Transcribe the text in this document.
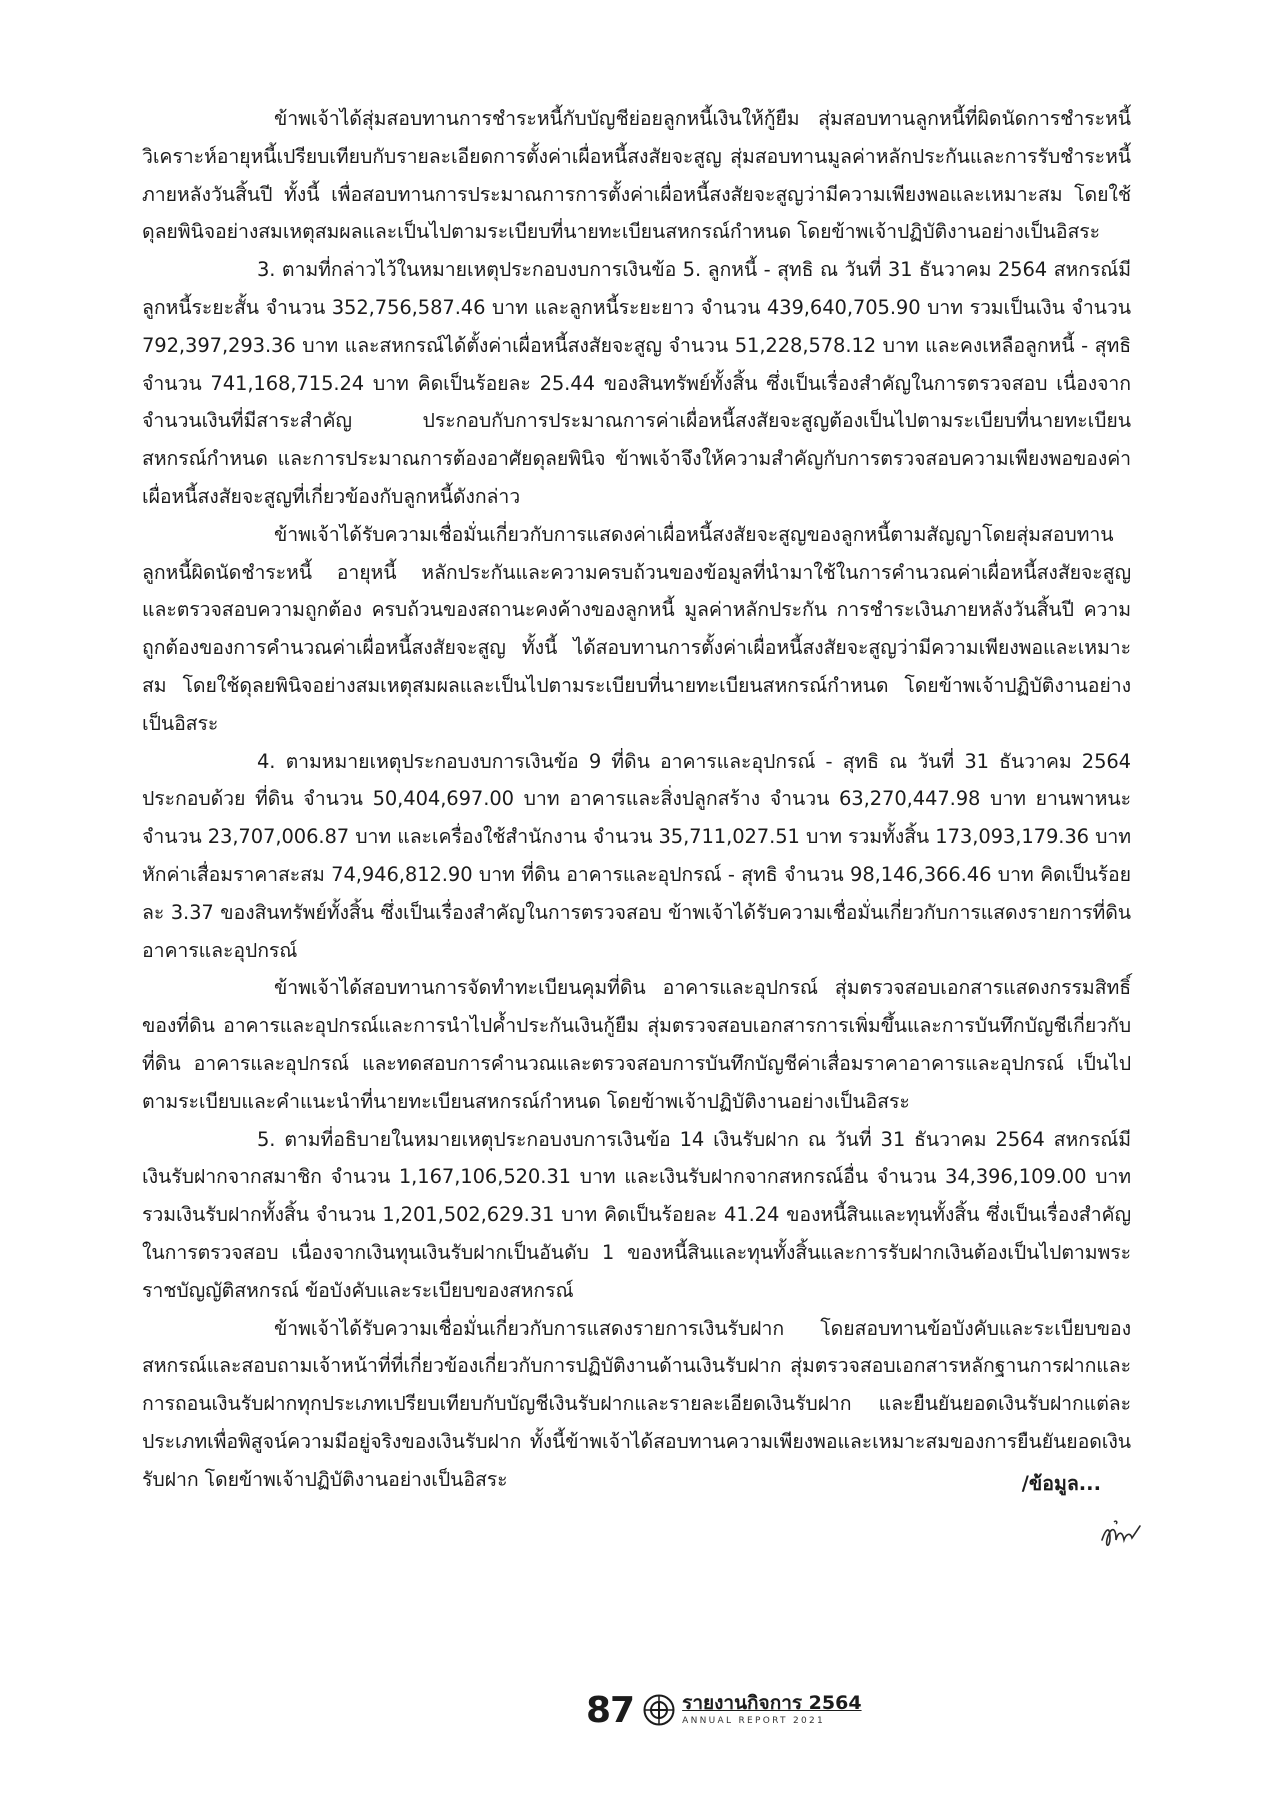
ข้าพเจ้าได้สุ่มสอบทานการชำระหนี้กับบัญชีย่อยลูกหนี้เงินให้กู้ยืม สุ่มสอบทานลูกหนี้ที่ผิดนัดการชำระหนี้ วิเคราะห์อายุหนี้เปรียบเทียบกับรายละเอียดการตั้งค่าเผื่อหนี้สงสัยจะสูญ สุ่มสอบทานมูลค่าหลักประกันและการรับชำระหนี้ภายหลังวันสิ้นปี ทั้งนี้ เพื่อสอบทานการประมาณการการตั้งค่าเผื่อหนี้สงสัยจะสูญว่ามีความเพียงพอและเหมาะสม โดยใช้ดุลยพินิจอย่างสมเหตุสมผลและเป็นไปตามระเบียบที่นายทะเบียนสหกรณ์กำหนด โดยข้าพเจ้าปฏิบัติงานอย่างเป็นอิสระ

3. ตามที่กล่าวไว้ในหมายเหตุประกอบงบการเงินข้อ 5. ลูกหนี้ - สุทธิ ณ วันที่ 31 ธันวาคม 2564 สหกรณ์มีลูกหนี้ระยะสั้น จำนวน 352,756,587.46 บาท และลูกหนี้ระยะยาว จำนวน 439,640,705.90 บาท รวมเป็นเงิน จำนวน 792,397,293.36 บาท และสหกรณ์ได้ตั้งค่าเผื่อหนี้สงสัยจะสูญ จำนวน 51,228,578.12 บาท และคงเหลือลูกหนี้ - สุทธิ จำนวน 741,168,715.24 บาท คิดเป็นร้อยละ 25.44 ของสินทรัพย์ทั้งสิ้น ซึ่งเป็นเรื่องสำคัญในการตรวจสอบ เนื่องจากจำนวนเงินที่มีสาระสำคัญ ประกอบกับการประมาณการค่าเผื่อหนี้สงสัยจะสูญต้องเป็นไปตามระเบียบที่นายทะเบียนสหกรณ์กำหนด และการประมาณการต้องอาศัยดุลยพินิจ ข้าพเจ้าจึงให้ความสำคัญกับการตรวจสอบความเพียงพอของค่าเผื่อหนี้สงสัยจะสูญที่เกี่ยวข้องกับลูกหนี้ดังกล่าว

ข้าพเจ้าได้รับความเชื่อมั่นเกี่ยวกับการแสดงค่าเผื่อหนี้สงสัยจะสูญของลูกหนี้ตามสัญญาโดยสุ่มสอบทานลูกหนี้ผิดนัดชำระหนี้ อายุหนี้ หลักประกันและความครบถ้วนของข้อมูลที่นำมาใช้ในการคำนวณค่าเผื่อหนี้สงสัยจะสูญ และตรวจสอบความถูกต้อง ครบถ้วนของสถานะคงค้างของลูกหนี้ มูลค่าหลักประกัน การชำระเงินภายหลังวันสิ้นปี ความถูกต้องของการคำนวณค่าเผื่อหนี้สงสัยจะสูญ ทั้งนี้ ได้สอบทานการตั้งค่าเผื่อหนี้สงสัยจะสูญว่ามีความเพียงพอและเหมาะสม โดยใช้ดุลยพินิจอย่างสมเหตุสมผลและเป็นไปตามระเบียบที่นายทะเบียนสหกรณ์กำหนด โดยข้าพเจ้าปฏิบัติงานอย่างเป็นอิสระ

4. ตามหมายเหตุประกอบงบการเงินข้อ 9 ที่ดิน อาคารและอุปกรณ์ - สุทธิ ณ วันที่ 31 ธันวาคม 2564 ประกอบด้วย ที่ดิน จำนวน 50,404,697.00 บาท อาคารและสิ่งปลูกสร้าง จำนวน 63,270,447.98 บาท ยานพาหนะ จำนวน 23,707,006.87 บาท และเครื่องใช้สำนักงาน จำนวน 35,711,027.51 บาท รวมทั้งสิ้น 173,093,179.36 บาท หักค่าเสื่อมราคาสะสม 74,946,812.90 บาท ที่ดิน อาคารและอุปกรณ์ - สุทธิ จำนวน 98,146,366.46 บาท คิดเป็นร้อยละ 3.37 ของสินทรัพย์ทั้งสิ้น ซึ่งเป็นเรื่องสำคัญในการตรวจสอบ ข้าพเจ้าได้รับความเชื่อมั่นเกี่ยวกับการแสดงรายการที่ดิน อาคารและอุปกรณ์

ข้าพเจ้าได้สอบทานการจัดทำทะเบียนคุมที่ดิน อาคารและอุปกรณ์ สุ่มตรวจสอบเอกสารแสดงกรรมสิทธิ์ของที่ดิน อาคารและอุปกรณ์และการนำไปค้ำประกันเงินกู้ยืม สุ่มตรวจสอบเอกสารการเพิ่มขึ้นและการบันทึกบัญชีเกี่ยวกับที่ดิน อาคารและอุปกรณ์ และทดสอบการคำนวณและตรวจสอบการบันทึกบัญชีค่าเสื่อมราคาอาคารและอุปกรณ์ เป็นไปตามระเบียบและคำแนะนำที่นายทะเบียนสหกรณ์กำหนด โดยข้าพเจ้าปฏิบัติงานอย่างเป็นอิสระ

5. ตามที่อธิบายในหมายเหตุประกอบงบการเงินข้อ 14 เงินรับฝาก ณ วันที่ 31 ธันวาคม 2564 สหกรณ์มีเงินรับฝากจากสมาชิก จำนวน 1,167,106,520.31 บาท และเงินรับฝากจากสหกรณ์อื่น จำนวน 34,396,109.00 บาท รวมเงินรับฝากทั้งสิ้น จำนวน 1,201,502,629.31 บาท คิดเป็นร้อยละ 41.24 ของหนี้สินและทุนทั้งสิ้น ซึ่งเป็นเรื่องสำคัญในการตรวจสอบ เนื่องจากเงินทุนเงินรับฝากเป็นอันดับ 1 ของหนี้สินและทุนทั้งสิ้นและการรับฝากเงินต้องเป็นไปตามพระราชบัญญัติสหกรณ์ ข้อบังคับและระเบียบของสหกรณ์

ข้าพเจ้าได้รับความเชื่อมั่นเกี่ยวกับการแสดงรายการเงินรับฝาก โดยสอบทานข้อบังคับและระเบียบของสหกรณ์และสอบถามเจ้าหน้าที่ที่เกี่ยวข้องเกี่ยวกับการปฏิบัติงานด้านเงินรับฝาก สุ่มตรวจสอบเอกสารหลักฐานการฝากและการถอนเงินรับฝากทุกประเภทเปรียบเทียบกับบัญชีเงินรับฝากและรายละเอียดเงินรับฝาก และยืนยันยอดเงินรับฝากแต่ละประเภทเพื่อพิสูจน์ความมีอยู่จริงของเงินรับฝาก ทั้งนี้ข้าพเจ้าได้สอบทานความเพียงพอและเหมาะสมของการยืนยันยอดเงินรับฝาก โดยข้าพเจ้าปฏิบัติงานอย่างเป็นอิสระ	/ข้อมูล...
87	รายงานกิจการ 2564
ANNUAL REPORT 2021
